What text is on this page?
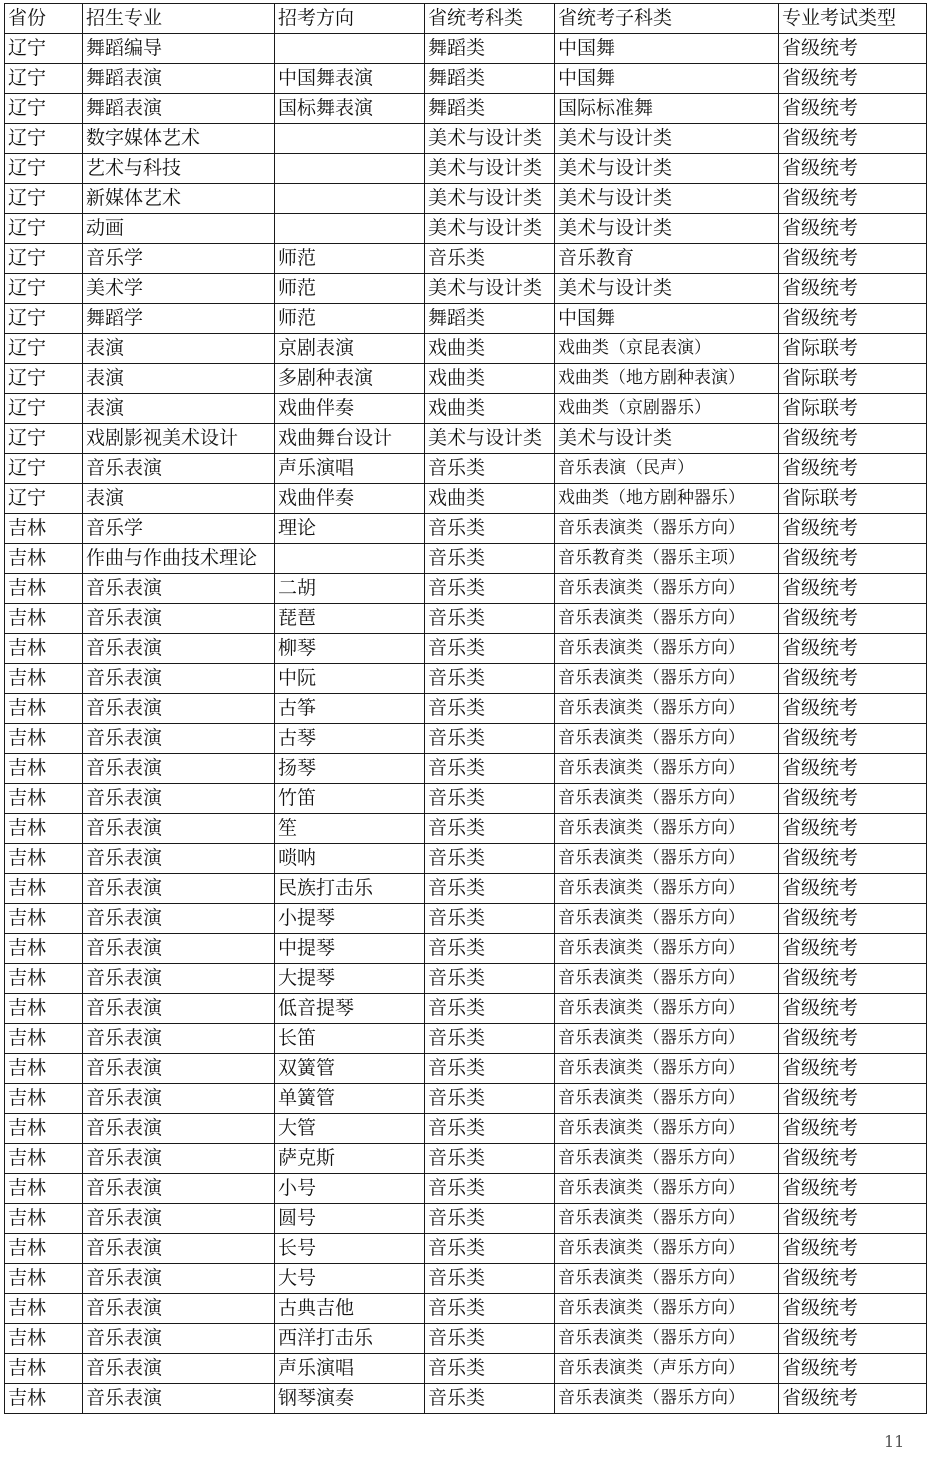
省份	招生专业	招考方向	省统考科类	省统考子科类	专业考试类型
辽宁	舞蹈编导		舞蹈类	中国舞	省级统考
辽宁	舞蹈表演	中国舞表演	舞蹈类	中国舞	省级统考
辽宁	舞蹈表演	国标舞表演	舞蹈类	国际标准舞	省级统考
辽宁	数字媒体艺术		美术与设计类	美术与设计类	省级统考
辽宁	艺术与科技		美术与设计类	美术与设计类	省级统考
辽宁	新媒体艺术		美术与设计类	美术与设计类	省级统考
辽宁	动画		美术与设计类	美术与设计类	省级统考
辽宁	音乐学	师范	音乐类	音乐教育	省级统考
辽宁	美术学	师范	美术与设计类	美术与设计类	省级统考
辽宁	舞蹈学	师范	舞蹈类	中国舞	省级统考
辽宁	表演	京剧表演	戏曲类	戏曲类（京昆表演）	省际联考
辽宁	表演	多剧种表演	戏曲类	戏曲类（地方剧种表演）	省际联考
辽宁	表演	戏曲伴奏	戏曲类	戏曲类（京剧器乐）	省际联考
辽宁	戏剧影视美术设计	戏曲舞台设计	美术与设计类	美术与设计类	省级统考
辽宁	音乐表演	声乐演唱	音乐类	音乐表演（民声）	省级统考
辽宁	表演	戏曲伴奏	戏曲类	戏曲类（地方剧种器乐）	省际联考
吉林	音乐学	理论	音乐类	音乐表演类（器乐方向）	省级统考
吉林	作曲与作曲技术理论		音乐类	音乐教育类（器乐主项）	省级统考
吉林	音乐表演	二胡	音乐类	音乐表演类（器乐方向）	省级统考
吉林	音乐表演	琵琶	音乐类	音乐表演类（器乐方向）	省级统考
吉林	音乐表演	柳琴	音乐类	音乐表演类（器乐方向）	省级统考
吉林	音乐表演	中阮	音乐类	音乐表演类（器乐方向）	省级统考
吉林	音乐表演	古筝	音乐类	音乐表演类（器乐方向）	省级统考
吉林	音乐表演	古琴	音乐类	音乐表演类（器乐方向）	省级统考
吉林	音乐表演	扬琴	音乐类	音乐表演类（器乐方向）	省级统考
吉林	音乐表演	竹笛	音乐类	音乐表演类（器乐方向）	省级统考
吉林	音乐表演	笙	音乐类	音乐表演类（器乐方向）	省级统考
吉林	音乐表演	唢呐	音乐类	音乐表演类（器乐方向）	省级统考
吉林	音乐表演	民族打击乐	音乐类	音乐表演类（器乐方向）	省级统考
吉林	音乐表演	小提琴	音乐类	音乐表演类（器乐方向）	省级统考
吉林	音乐表演	中提琴	音乐类	音乐表演类（器乐方向）	省级统考
吉林	音乐表演	大提琴	音乐类	音乐表演类（器乐方向）	省级统考
吉林	音乐表演	低音提琴	音乐类	音乐表演类（器乐方向）	省级统考
吉林	音乐表演	长笛	音乐类	音乐表演类（器乐方向）	省级统考
吉林	音乐表演	双簧管	音乐类	音乐表演类（器乐方向）	省级统考
吉林	音乐表演	单簧管	音乐类	音乐表演类（器乐方向）	省级统考
吉林	音乐表演	大管	音乐类	音乐表演类（器乐方向）	省级统考
吉林	音乐表演	萨克斯	音乐类	音乐表演类（器乐方向）	省级统考
吉林	音乐表演	小号	音乐类	音乐表演类（器乐方向）	省级统考
吉林	音乐表演	圆号	音乐类	音乐表演类（器乐方向）	省级统考
吉林	音乐表演	长号	音乐类	音乐表演类（器乐方向）	省级统考
吉林	音乐表演	大号	音乐类	音乐表演类（器乐方向）	省级统考
吉林	音乐表演	古典吉他	音乐类	音乐表演类（器乐方向）	省级统考
吉林	音乐表演	西洋打击乐	音乐类	音乐表演类（器乐方向）	省级统考
吉林	音乐表演	声乐演唱	音乐类	音乐表演类（声乐方向）	省级统考
吉林	音乐表演	钢琴演奏	音乐类	音乐表演类（器乐方向）	省级统考
11
